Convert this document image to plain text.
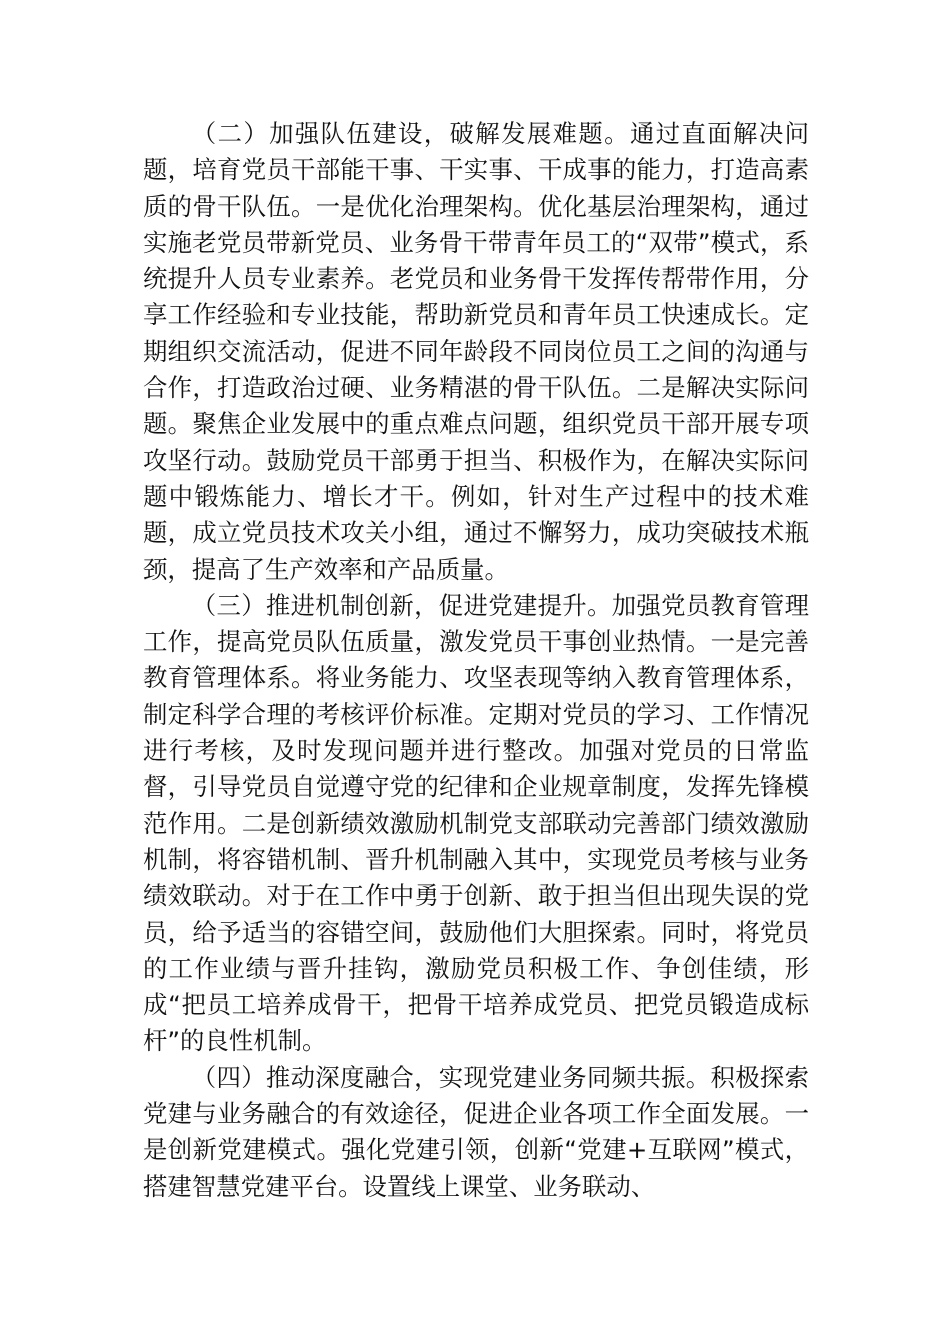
（二）加强队伍建设，破解发展难题。通过直面解决问题，培育党员干部能干事、干实事、干成事的能力，打造高素质的骨干队伍。一是优化治理架构。优化基层治理架构，通过实施老党员带新党员、业务骨干带青年员工的“双带”模式，系统提升人员专业素养。老党员和业务骨干发挥传帮带作用，分享工作经验和专业技能，帮助新党员和青年员工快速成长。定期组织交流活动，促进不同年龄段不同岗位员工之间的沟通与合作，打造政治过硬、业务精湛的骨干队伍。二是解决实际问题。聚焦企业发展中的重点难点问题，组织党员干部开展专项攻坚行动。鼓励党员干部勇于担当、积极作为，在解决实际问题中锻炼能力、增长才干。例如，针对生产过程中的技术难题，成立党员技术攻关小组，通过不懈努力，成功突破技术瓶颈，提高了生产效率和产品质量。

（三）推进机制创新，促进党建提升。加强党员教育管理工作，提高党员队伍质量，激发党员干事创业热情。一是完善教育管理体系。将业务能力、攻坚表现等纳入教育管理体系，制定科学合理的考核评价标准。定期对党员的学习、工作情况进行考核，及时发现问题并进行整改。加强对党员的日常监督，引导党员自觉遵守党的纪律和企业规章制度，发挥先锋模范作用。二是创新绩效激励机制党支部联动完善部门绩效激励机制，将容错机制、晋升机制融入其中，实现党员考核与业务绩效联动。对于在工作中勇于创新、敢于担当但出现失误的党员，给予适当的容错空间，鼓励他们大胆探索。同时，将党员的工作业绩与晋升挂钩，激励党员积极工作、争创佳绩，形成“把员工培养成骨干，把骨干培养成党员、把党员锻造成标杆”的良性机制。

（四）推动深度融合，实现党建业务同频共振。积极探索党建与业务融合的有效途径，促进企业各项工作全面发展。一是创新党建模式。强化党建引领，创新“党建+互联网”模式，搭建智慧党建平台。设置线上课堂、业务联动、
